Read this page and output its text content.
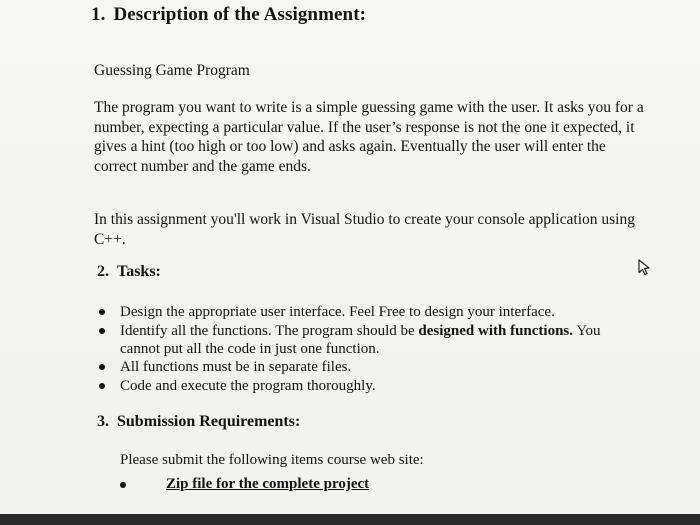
1. Description of the Assignment:
Guessing Game Program
The program you want to write is a simple guessing game with the user. It asks you for a number, expecting a particular value. If the user’s response is not the one it expected, it gives a hint (too high or too low) and asks again. Eventually the user will enter the correct number and the game ends.
In this assignment you'll work in Visual Studio to create your console application using C++.
2. Tasks:
Design the appropriate user interface. Feel Free to design your interface.
Identify all the functions. The program should be designed with functions. You cannot put all the code in just one function.
All functions must be in separate files.
Code and execute the program thoroughly.
3. Submission Requirements:
Please submit the following items course web site:
Zip file for the complete project
